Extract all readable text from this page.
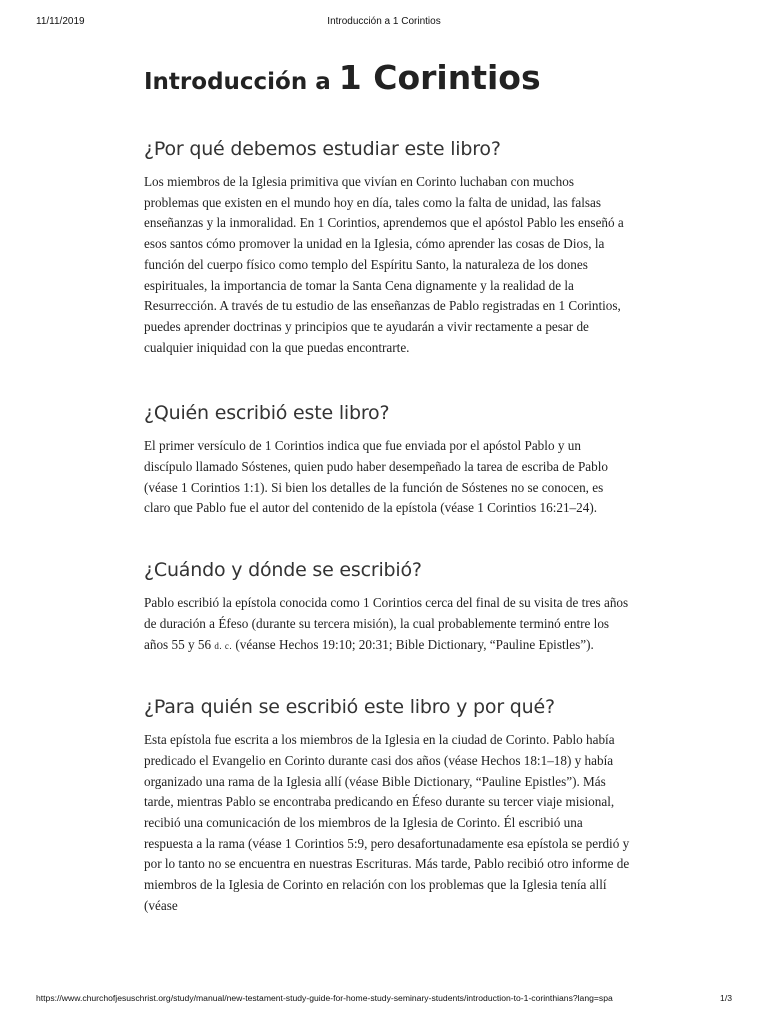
11/11/2019	Introducción a 1 Corintios
Introducción a 1 Corintios
¿Por qué debemos estudiar este libro?

Los miembros de la Iglesia primitiva que vivían en Corinto luchaban con muchos problemas que existen en el mundo hoy en día, tales como la falta de unidad, las falsas enseñanzas y la inmoralidad. En 1 Corintios, aprendemos que el apóstol Pablo les enseñó a esos santos cómo promover la unidad en la Iglesia, cómo aprender las cosas de Dios, la función del cuerpo físico como templo del Espíritu Santo, la naturaleza de los dones espirituales, la importancia de tomar la Santa Cena dignamente y la realidad de la Resurrección. A través de tu estudio de las enseñanzas de Pablo registradas en 1 Corintios, puedes aprender doctrinas y principios que te ayudarán a vivir rectamente a pesar de cualquier iniquidad con la que puedas encontrarte.

¿Quién escribió este libro?

El primer versículo de 1 Corintios indica que fue enviada por el apóstol Pablo y un discípulo llamado Sóstenes, quien pudo haber desempeñado la tarea de escriba de Pablo (véase 1 Corintios 1:1). Si bien los detalles de la función de Sóstenes no se conocen, es claro que Pablo fue el autor del contenido de la epístola (véase 1 Corintios 16:21–24).

¿Cuándo y dónde se escribió?

Pablo escribió la epístola conocida como 1 Corintios cerca del final de su visita de tres años de duración a Éfeso (durante su tercera misión), la cual probablemente terminó entre los años 55 y 56 d. c. (véanse Hechos 19:10; 20:31; Bible Dictionary, “Pauline Epistles”).

¿Para quién se escribió este libro y por qué?

Esta epístola fue escrita a los miembros de la Iglesia en la ciudad de Corinto. Pablo había predicado el Evangelio en Corinto durante casi dos años (véase Hechos 18:1–18) y había organizado una rama de la Iglesia allí (véase Bible Dictionary, “Pauline Epistles”). Más tarde, mientras Pablo se encontraba predicando en Éfeso durante su tercer viaje misional, recibió una comunicación de los miembros de la Iglesia de Corinto. Él escribió una respuesta a la rama (véase 1 Corintios 5:9, pero desafortunadamente esa epístola se perdió y por lo tanto no se encuentra en nuestras Escrituras. Más tarde, Pablo recibió otro informe de miembros de la Iglesia de Corinto en relación con los problemas que la Iglesia tenía allí (véase

https://www.churchofjesuschrist.org/study/manual/new-testament-study-guide-for-home-study-seminary-students/introduction-to-1-corinthians?lang=spa	1/3
